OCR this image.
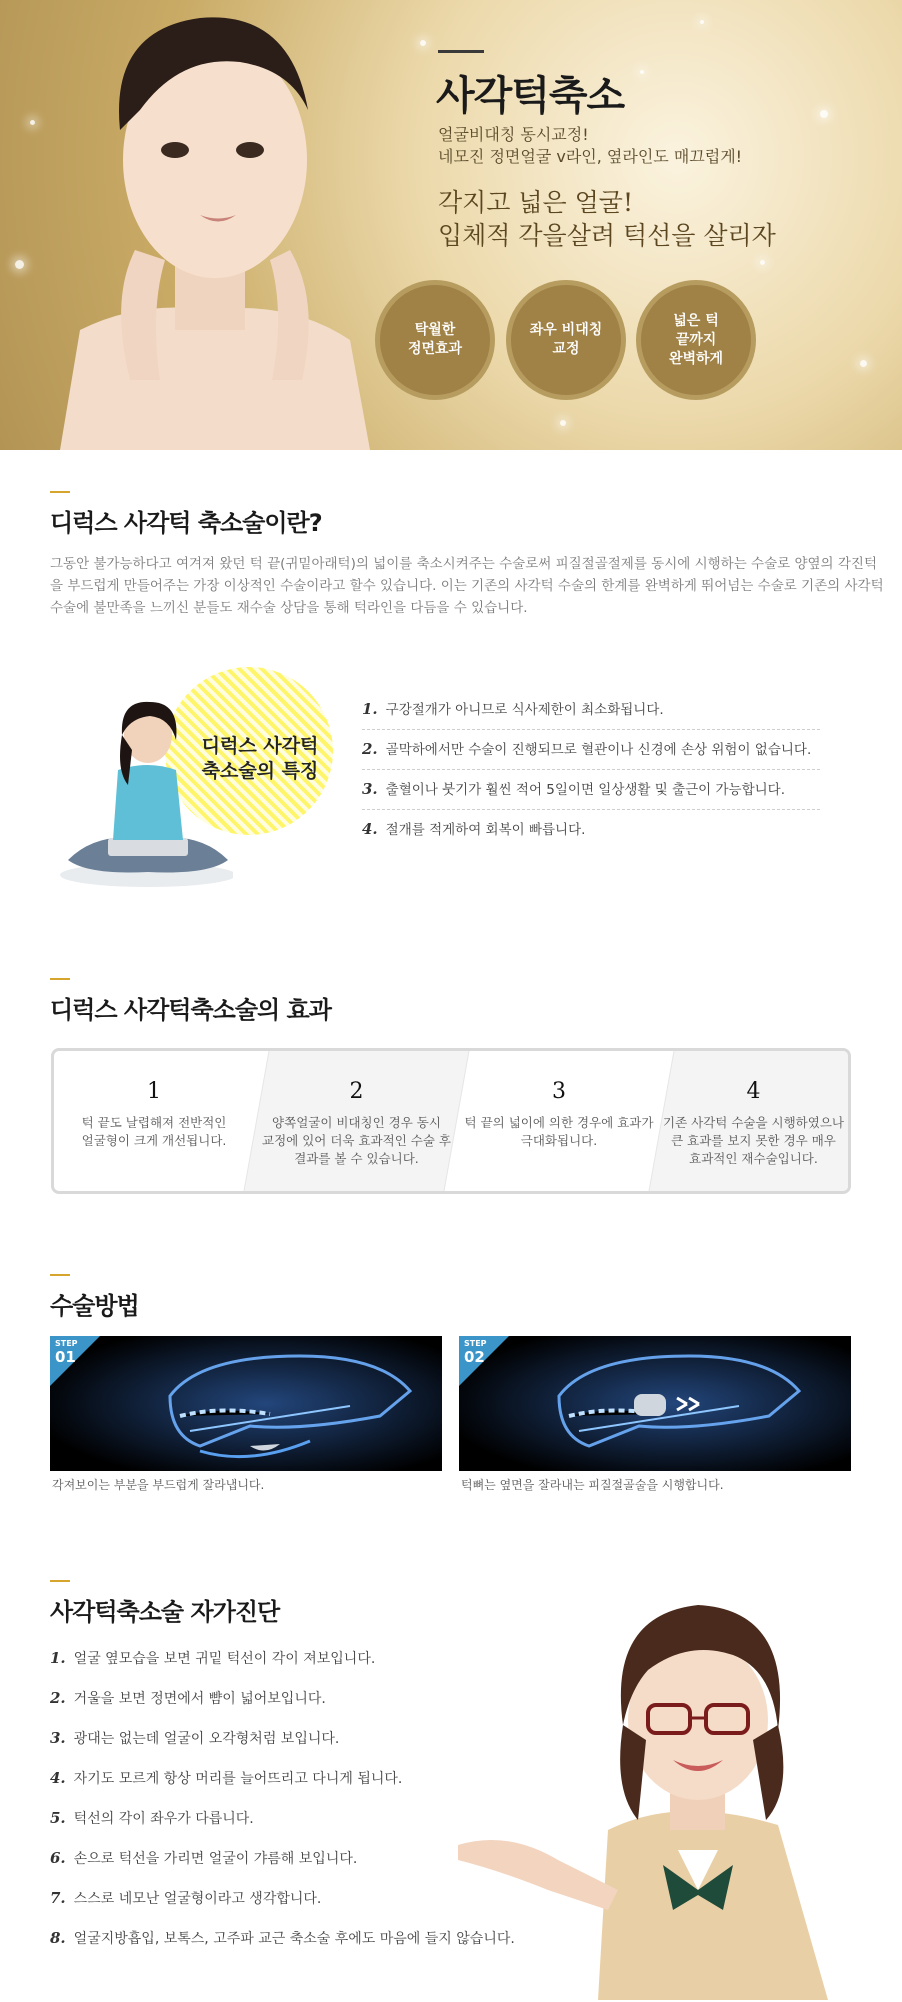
사각턱축소
얼굴비대칭 동시교정!
네모진 정면얼굴 v라인, 옆라인도 매끄럽게!
각지고 넓은 얼굴!
입체적 각을살려 턱선을 살리자
탁월한
정면효과
좌우 비대칭
교정
넓은 턱
끝까지
완벽하게
디럭스 사각턱 축소술이란?
그동안 불가능하다고 여겨져 왔던 턱 끝(귀밑아래턱)의 넓이를 축소시켜주는 수술로써 피질절골절제를 동시에 시행하는 수술로 양옆의 각진턱을 부드럽게 만들어주는 가장 이상적인 수술이라고 할수 있습니다. 이는 기존의 사각턱 수술의 한계를 완벽하게 뛰어넘는 수술로 기존의 사각턱 수술에 불만족을 느끼신 분들도 재수술 상담을 통해 턱라인을 다듬을 수 있습니다.
디럭스 사각턱
축소술의 특징
1. 구강절개가 아니므로 식사제한이 최소화됩니다.
2. 골막하에서만 수술이 진행되므로 혈관이나 신경에 손상 위험이 없습니다.
3. 출혈이나 붓기가 훨씬 적어 5일이면 일상생활 및 출근이 가능합니다.
4. 절개를 적게하여 회복이 빠릅니다.
디럭스 사각턱축소술의 효과
1
턱 끝도 날렵해져 전반적인
얼굴형이 크게 개선됩니다.
2
양쪽얼굴이 비대칭인 경우 동시
교정에 있어 더욱 효과적인 수술 후
결과를 볼 수 있습니다.
3
턱 끝의 넓이에 의한 경우에 효과가
극대화됩니다.
4
기존 사각턱 수술을 시행하였으나
큰 효과를 보지 못한 경우 매우
효과적인 재수술입니다.
수술방법
STEP
01
STEP
02
각져보이는 부분을 부드럽게 잘라냅니다.	턱뼈는 옆면을 잘라내는 피질절골술을 시행합니다.
사각턱축소술 자가진단
1. 얼굴 옆모습을 보면 귀밑 턱선이 각이 져보입니다.
2. 거울을 보면 정면에서 뺨이 넓어보입니다.
3. 광대는 없는데 얼굴이 오각형처럼 보입니다.
4. 자기도 모르게 항상 머리를 늘어뜨리고 다니게 됩니다.
5. 턱선의 각이 좌우가 다릅니다.
6. 손으로 턱선을 가리면 얼굴이 갸름해 보입니다.
7. 스스로 네모난 얼굴형이라고 생각합니다.
8. 얼굴지방흡입, 보톡스, 고주파 교근 축소술 후에도 마음에 들지 않습니다.
